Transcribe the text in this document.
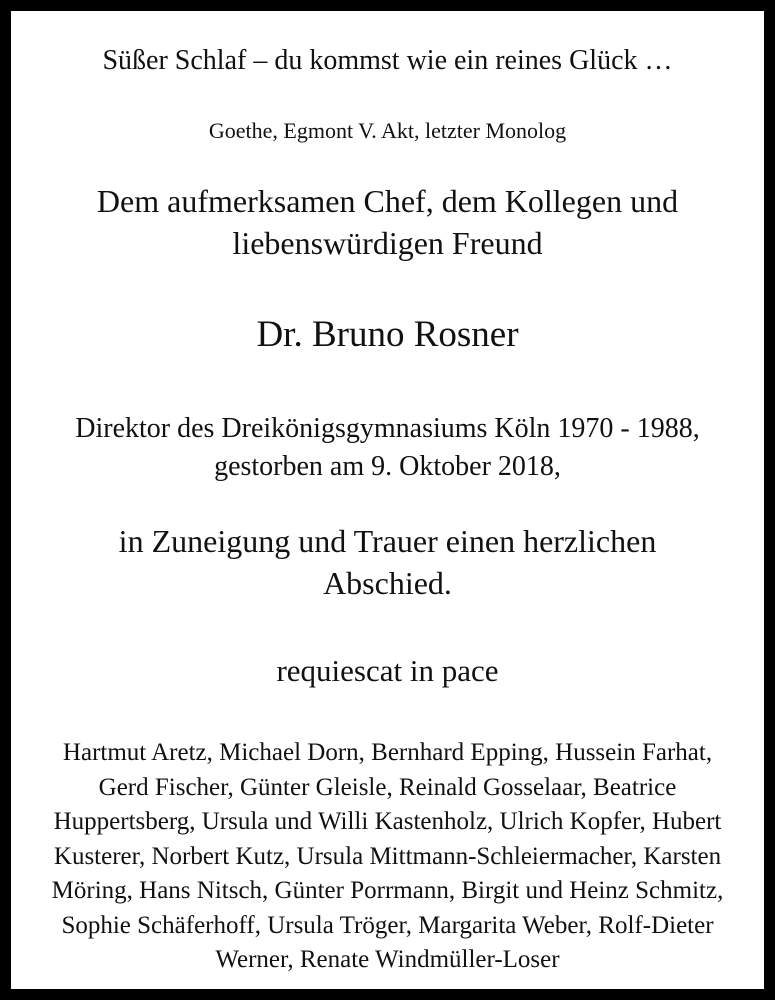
Süßer Schlaf – du kommst wie ein reines Glück …
Goethe, Egmont V. Akt, letzter Monolog
Dem aufmerksamen Chef, dem Kollegen und
liebenswürdigen Freund
Dr. Bruno Rosner
Direktor des Dreikönigsgymnasiums Köln 1970 - 1988,
gestorben am 9. Oktober 2018,
in Zuneigung und Trauer einen herzlichen
Abschied.
requiescat in pace
Hartmut Aretz, Michael Dorn, Bernhard Epping, Hussein Farhat,
Gerd Fischer, Günter Gleisle, Reinald Gosselaar, Beatrice
Huppertsberg, Ursula und Willi Kastenholz, Ulrich Kopfer, Hubert
Kusterer, Norbert Kutz, Ursula Mittmann-Schleiermacher, Karsten
Möring, Hans Nitsch, Günter Porrmann, Birgit und Heinz Schmitz,
Sophie Schäferhoff, Ursula Tröger, Margarita Weber, Rolf-Dieter
Werner, Renate Windmüller-Loser
